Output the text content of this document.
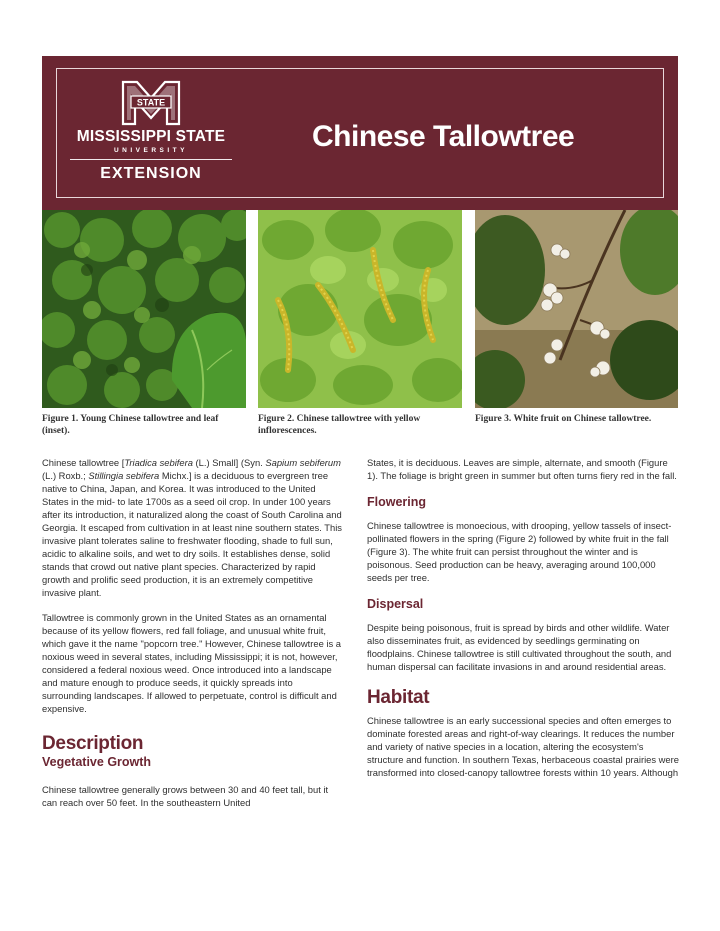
STATE
MISSISSIPPI STATE
UNIVERSITY
EXTENSION
Chinese Tallowtree
Figure 1. Young Chinese tallowtree and leaf (inset).
Figure 2. Chinese tallowtree with yellow inflorescences.
Figure 3. White fruit on Chinese tallowtree.

Chinese tallowtree [Triadica sebifera (L.) Small] (Syn. Sapium sebiferum (L.) Roxb.; Stillingia sebifera Michx.] is a deciduous to evergreen tree native to China, Japan, and Korea. It was introduced to the United States in the mid- to late 1700s as a seed oil crop. In under 100 years after its introduction, it naturalized along the coast of South Carolina and Georgia. It escaped from cultivation in at least nine southern states. This invasive plant tolerates saline to freshwater flooding, shade to full sun, acidic to alkaline soils, and wet to dry soils. It establishes dense, solid stands that crowd out native plant species. Characterized by rapid growth and prolific seed production, it is an extremely competitive invasive plant.

Tallowtree is commonly grown in the United States as an ornamental because of its yellow flowers, red fall foliage, and unusual white fruit, which gave it the name "popcorn tree." However, Chinese tallowtree is a noxious weed in several states, including Mississippi; it is not, however, considered a federal noxious weed. Once introduced into a landscape and mature enough to produce seeds, it quickly spreads into surrounding landscapes. If allowed to perpetuate, control is difficult and expensive.

Description
Vegetative Growth

Chinese tallowtree generally grows between 30 and 40 feet tall, but it can reach over 50 feet. In the southeastern United

States, it is deciduous. Leaves are simple, alternate, and smooth (Figure 1). The foliage is bright green in summer but often turns fiery red in the fall.

Flowering

Chinese tallowtree is monoecious, with drooping, yellow tassels of insect-pollinated flowers in the spring (Figure 2) followed by white fruit in the fall (Figure 3). The white fruit can persist throughout the winter and is poisonous. Seed production can be heavy, averaging around 100,000 seeds per tree.

Dispersal

Despite being poisonous, fruit is spread by birds and other wildlife. Water also disseminates fruit, as evidenced by seedlings germinating on floodplains. Chinese tallowtree is still cultivated throughout the south, and human dispersal can facilitate invasions in and around residential areas.

Habitat

Chinese tallowtree is an early successional species and often emerges to dominate forested areas and right-of-way clearings. It reduces the number and variety of native species in a location, altering the ecosystem's structure and function. In southern Texas, herbaceous coastal prairies were transformed into closed-canopy tallowtree forests within 10 years. Although
